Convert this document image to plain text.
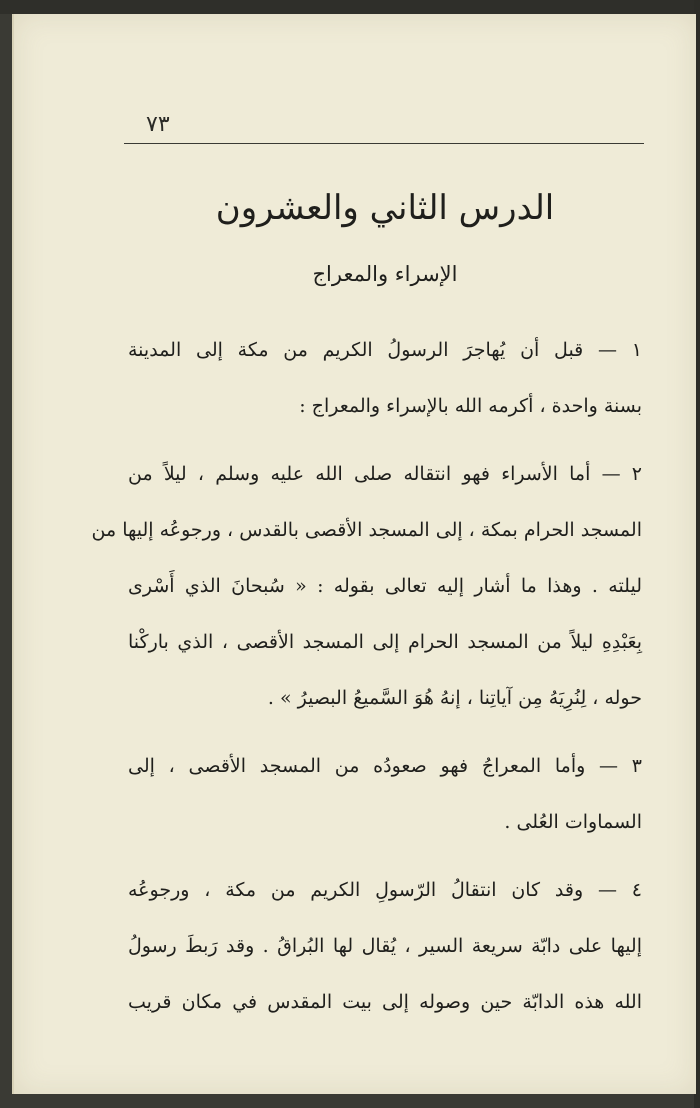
٧٣
الدرس الثاني والعشرون
الإسراء والمعراج
١ — قبل أن يُهاجرَ الرسولُ الكريم من مكة إلى المدينة
بسنة واحدة ، أكرمه الله بالإسراء والمعراج :
٢ — أما الأسراء فهو انتقاله صلى الله عليه وسلم ، ليلاً من
المسجد الحرام بمكة ، إلى المسجد الأقصى بالقدس ، ورجوعُه إليها من
ليلته . وهذا ما أشار إليه تعالى بقوله : « سُبحانَ الذي أَسْرى
بِعَبْدِهِ ليلاً من المسجد الحرام إلى المسجد الأقصى ، الذي باركْنا
حوله ، لِنُرِيَهُ مِن آياتِنا ، إنهُ هُوَ السَّميعُ البصيرُ » .
٣ — وأما المعراجُ فهو صعودُه من المسجد الأقصى ، إلى
السماوات العُلى .
٤ — وقد كان انتقالُ الرّسولِ الكريم من مكة ، ورجوعُه
إليها على دابّة سريعة السير ، يُقال لها البُراقُ . وقد رَبطَ رسولُ
الله هذه الدابّة حين وصوله إلى بيت المقدس في مكان قريب
